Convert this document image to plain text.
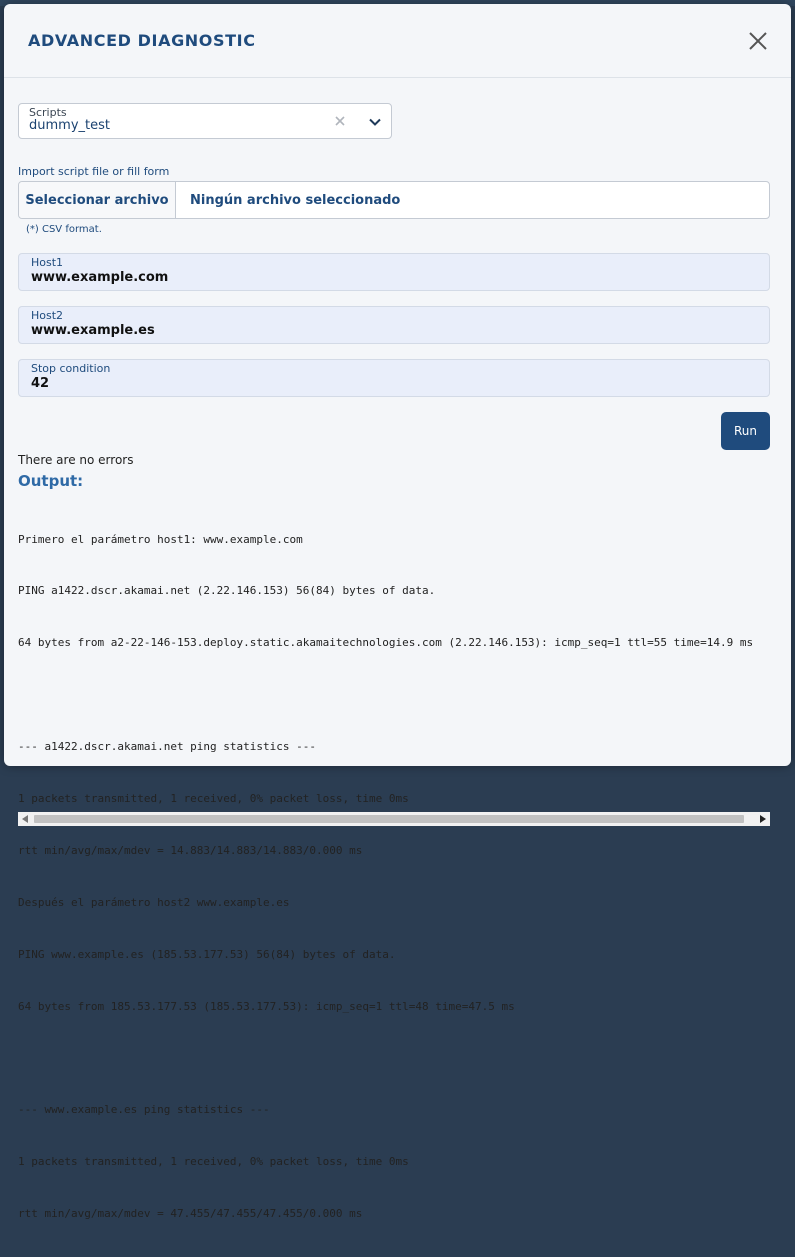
ADVANCED DIAGNOSTIC
Scripts
dummy_test
Import script file or fill form
Seleccionar archivo	Ningún archivo seleccionado
(*) CSV format.
Host1
www.example.com
Host2
www.example.es
Stop condition
42
Run
There are no errors
Output:

Primero el parámetro host1: www.example.com

PING a1422.dscr.akamai.net (2.22.146.153) 56(84) bytes of data.

64 bytes from a2-22-146-153.deploy.static.akamaitechnologies.com (2.22.146.153): icmp_seq=1 ttl=55 time=14.9 ms

--- a1422.dscr.akamai.net ping statistics ---

1 packets transmitted, 1 received, 0% packet loss, time 0ms

rtt min/avg/max/mdev = 14.883/14.883/14.883/0.000 ms

Después el parámetro host2 www.example.es

PING www.example.es (185.53.177.53) 56(84) bytes of data.

64 bytes from 185.53.177.53 (185.53.177.53): icmp_seq=1 ttl=48 time=47.5 ms

--- www.example.es ping statistics ---

1 packets transmitted, 1 received, 0% packet loss, time 0ms

rtt min/avg/max/mdev = 47.455/47.455/47.455/0.000 ms
